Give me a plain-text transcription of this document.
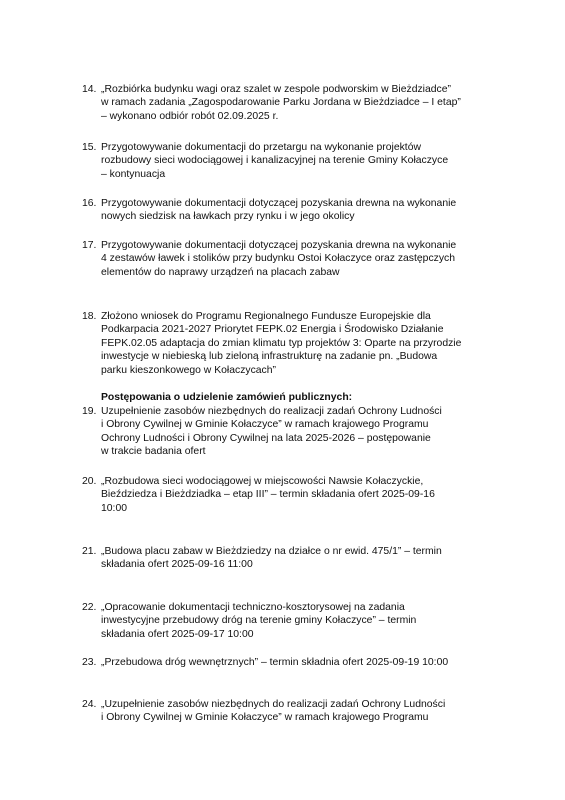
14. „Rozbiórka budynku wagi oraz szalet w zespole podworskim w Bieżdziadce”
w ramach zadania „Zagospodarowanie Parku Jordana w Bieżdziadce – I etap”
– wykonano odbiór robót 02.09.2025 r.
15. Przygotowywanie dokumentacji do przetargu na wykonanie projektów
rozbudowy sieci wodociągowej i kanalizacyjnej na terenie Gminy Kołaczyce
– kontynuacja
16. Przygotowywanie dokumentacji dotyczącej pozyskania drewna na wykonanie
nowych siedzisk na ławkach przy rynku i w jego okolicy
17. Przygotowywanie dokumentacji dotyczącej pozyskania drewna na wykonanie
4 zestawów ławek i stolików przy budynku Ostoi Kołaczyce oraz zastępczych
elementów do naprawy urządzeń na placach zabaw
18. Złożono wniosek do Programu Regionalnego Fundusze Europejskie dla
Podkarpacia 2021-2027 Priorytet FEPK.02 Energia i Środowisko Działanie
FEPK.02.05 adaptacja do zmian klimatu typ projektów 3: Oparte na przyrodzie
inwestycje w niebieską lub zieloną infrastrukturę na zadanie pn. „Budowa
parku kieszonkowego w Kołaczycach”
Postępowania o udzielenie zamówień publicznych:
19. Uzupełnienie zasobów niezbędnych do realizacji zadań Ochrony Ludności
i Obrony Cywilnej w Gminie Kołaczyce” w ramach krajowego Programu
Ochrony Ludności i Obrony Cywilnej na lata 2025-2026 – postępowanie
w trakcie badania ofert
20. „Rozbudowa sieci wodociągowej w miejscowości Nawsie Kołaczyckie,
Bieździedza i Bieżdziadka – etap III” – termin składania ofert 2025-09-16
10:00
21. „Budowa placu zabaw w Bieżdziedzy na działce o nr ewid. 475/1” – termin
składania ofert 2025-09-16 11:00
22. „Opracowanie dokumentacji techniczno-kosztorysowej na zadania
inwestycyjne przebudowy dróg na terenie gminy Kołaczyce” – termin
składania ofert 2025-09-17 10:00
23. „Przebudowa dróg wewnętrznych” – termin składnia ofert 2025-09-19 10:00
24. „Uzupełnienie zasobów niezbędnych do realizacji zadań Ochrony Ludności
i Obrony Cywilnej w Gminie Kołaczyce” w ramach krajowego Programu
